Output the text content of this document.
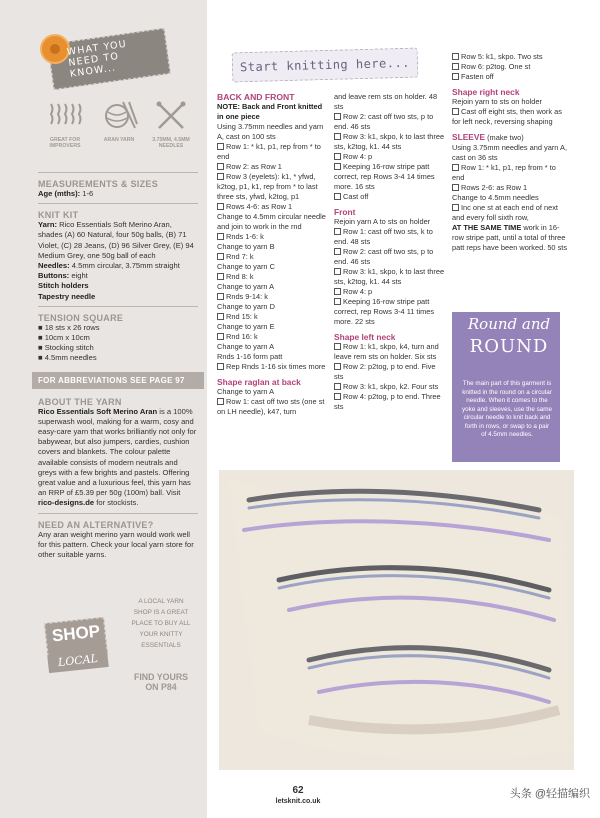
WHAT YOU
NEED TO
KNOW...
GREAT FOR IMPROVERS
ARAN YARN	3.75MM, 4.5MM NEEDLES

MEASUREMENTS & SIZES

Age (mths): 1-6

KNIT KIT

Yarn: Rico Essentials Soft Merino Aran, shades (A) 60 Natural, four 50g balls, (B) 71 Violet, (C) 28 Jeans, (D) 96 Silver Grey, (E) 94 Medium Grey, one 50g ball of each

Needles: 4.5mm circular, 3.75mm straight

Buttons: eight

Stitch holders

Tapestry needle

TENSION SQUARE

■ 18 sts x 26 rows

■ 10cm x 10cm

■ Stocking stitch

■ 4.5mm needles

FOR ABBREVIATIONS SEE PAGE 97

ABOUT THE YARN

Rico Essentials Soft Merino Aran is a 100% superwash wool, making for a warm, cosy and easy-care yarn that works brilliantly not only for babywear, but also jumpers, cardies, cushion covers and blankets. The colour palette available consists of modern neutrals and greys with a few brights and pastels. Offering great value and a luxurious feel, this yarn has an RRP of £5.39 per 50g (100m) ball. Visit rico-designs.de for stockists.

NEED AN ALTERNATIVE?

Any aran weight merino yarn would work well for this pattern. Check your local yarn store for other suitable yarns.

SHOP
LOCAL
A LOCAL YARN SHOP IS A GREAT PLACE TO BUY ALL YOUR KNITTY ESSENTIALS
FIND YOURS ON P84
Start knitting here...

BACK AND FRONT

NOTE: Back and Front knitted in one piece

Using 3.75mm needles and yarn A, cast on 100 sts

Row 1: * k1, p1, rep from * to end

Row 2: as Row 1

Row 3 (eyelets): k1, * yfwd, k2tog, p1, k1, rep from * to last three sts, yfwd, k2tog, p1

Rows 4-6: as Row 1

Change to 4.5mm circular needle and join to work in the rnd

Rnds 1-6: k

Change to yarn B

Rnd 7: k

Change to yarn C

Rnd 8: k

Change to yarn A

Rnds 9-14: k

Change to yarn D

Rnd 15: k

Change to yarn E

Rnd 16: k

Change to yarn A

Rnds 1-16 form patt

Rep Rnds 1-16 six times more

Shape raglan at back

Change to yarn A

Row 1: cast off two sts (one st on LH needle), k47, turn

and leave rem sts on holder. 48 sts

Row 2: cast off two sts, p to end. 46 sts

Row 3: k1, skpo, k to last three sts, k2tog, k1. 44 sts

Row 4: p

Keeping 16-row stripe patt correct, rep Rows 3-4 14 times more. 16 sts

Cast off

Front

Rejoin yarn A to sts on holder

Row 1: cast off two sts, k to end. 48 sts

Row 2: cast off two sts, p to end. 46 sts

Row 3: k1, skpo, k to last three sts, k2tog, k1. 44 sts

Row 4: p

Keeping 16-row stripe patt correct, rep Rows 3-4 11 times more. 22 sts

Shape left neck

Row 1: k1, skpo, k4, turn and leave rem sts on holder. Six sts

Row 2: p2tog, p to end. Five sts

Row 3: k1, skpo, k2. Four sts

Row 4: p2tog, p to end. Three sts

Row 5: k1, skpo. Two sts

Row 6: p2tog. One st

Fasten off

Shape right neck

Rejoin yarn to sts on holder

Cast off eight sts, then work as for left neck, reversing shaping

SLEEVE (make two)

Using 3.75mm needles and yarn A, cast on 36 sts

Row 1: * k1, p1, rep from * to end

Rows 2-6: as Row 1

Change to 4.5mm needles

Inc one st at each end of next and every foll sixth row,

AT THE SAME TIME work in 16-row stripe patt, until a total of three patt reps have been worked. 50 sts

Round and
ROUND
The main part of this garment is knitted in the round on a circular needle. When it comes to the yoke and sleeves, use the same circular needle to knit back and forth in rows, or swap to a pair of 4.5mm needles.
62
letsknit.co.uk
头条 @轻描编织
